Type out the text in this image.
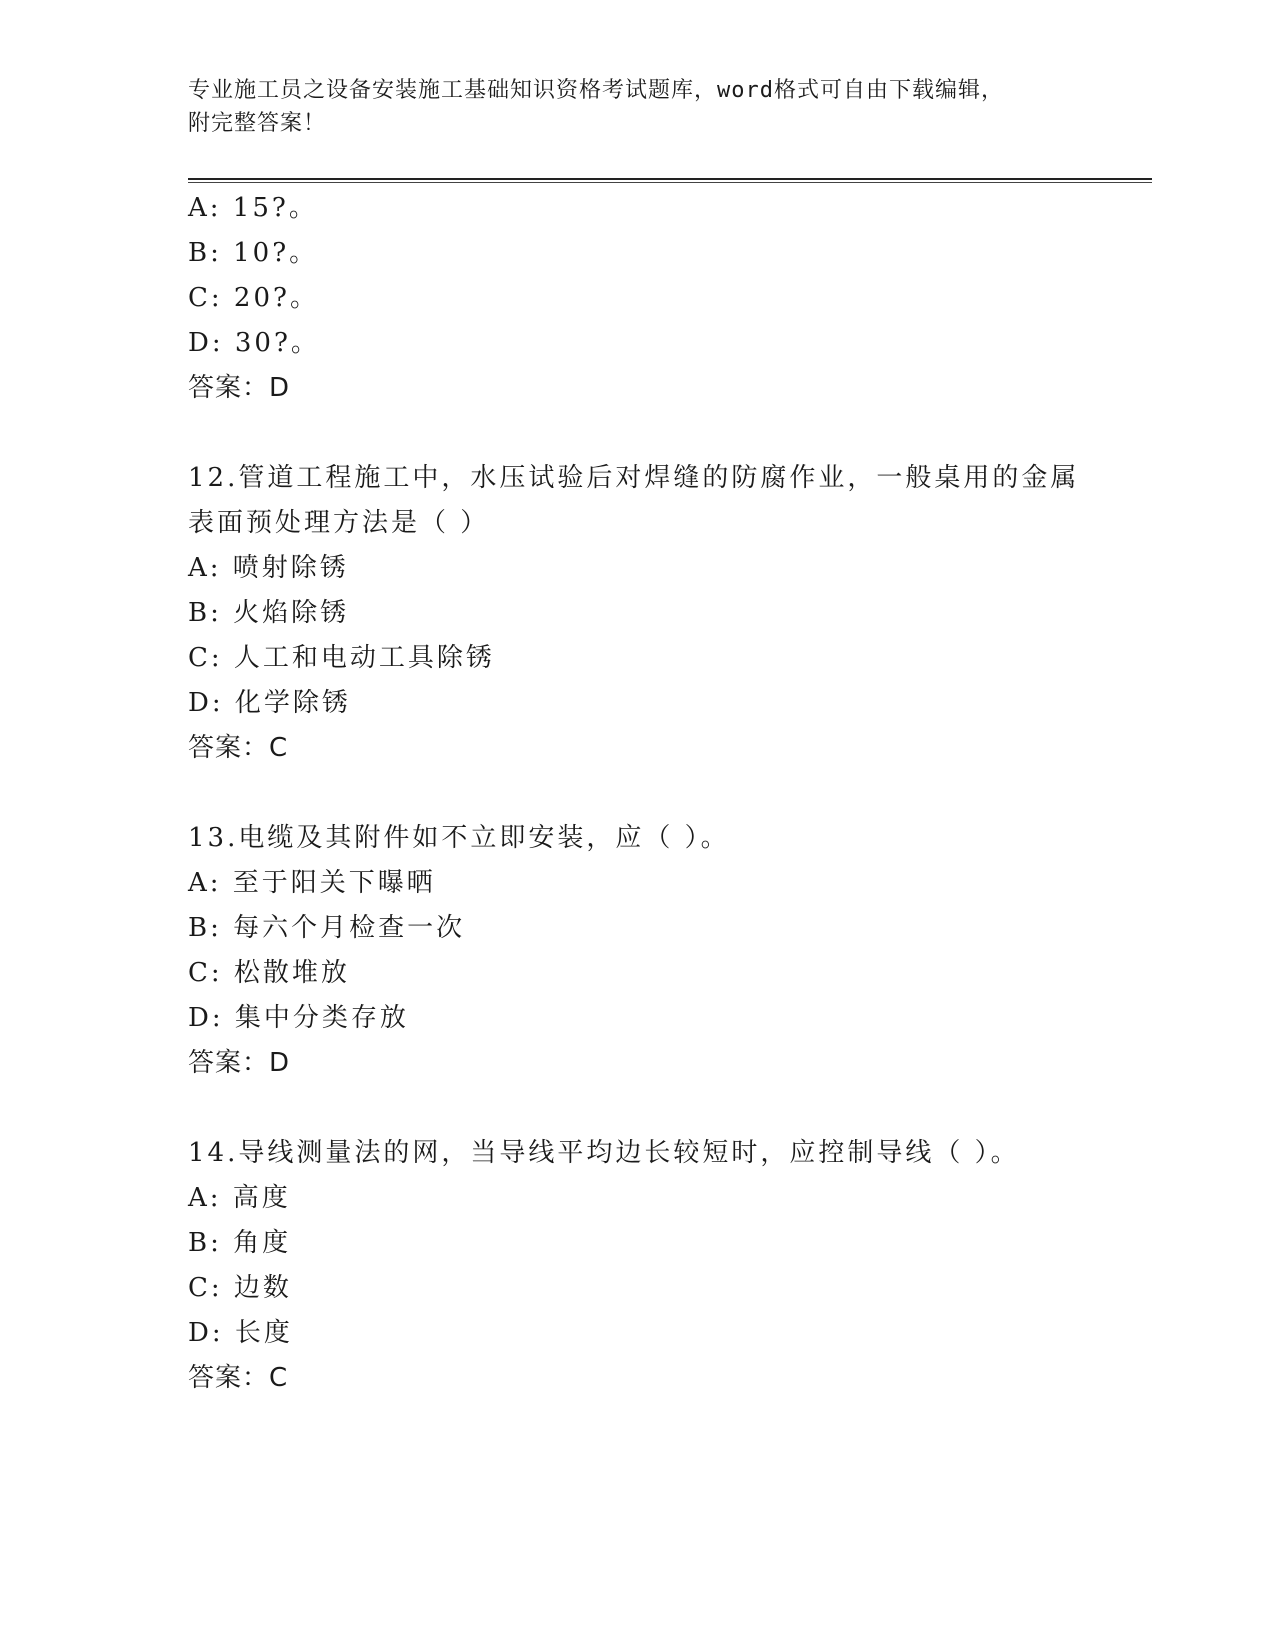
专业施工员之设备安装施工基础知识资格考试题库，word格式可自由下载编辑，
附完整答案！
A: 15?。
B: 10?。
C: 20?。
D: 30?。
答案：D
12.管道工程施工中，水压试验后对焊缝的防腐作业，一般桌用的金属
表面预处理方法是（ ）
A: 喷射除锈
B: 火焰除锈
C: 人工和电动工具除锈
D: 化学除锈
答案：C
13.电缆及其附件如不立即安装，应（ ）。
A: 至于阳关下曝晒
B: 每六个月检查一次
C: 松散堆放
D: 集中分类存放
答案：D
14.导线测量法的网，当导线平均边长较短时，应控制导线（ ）。
A: 高度
B: 角度
C: 边数
D: 长度
答案：C
